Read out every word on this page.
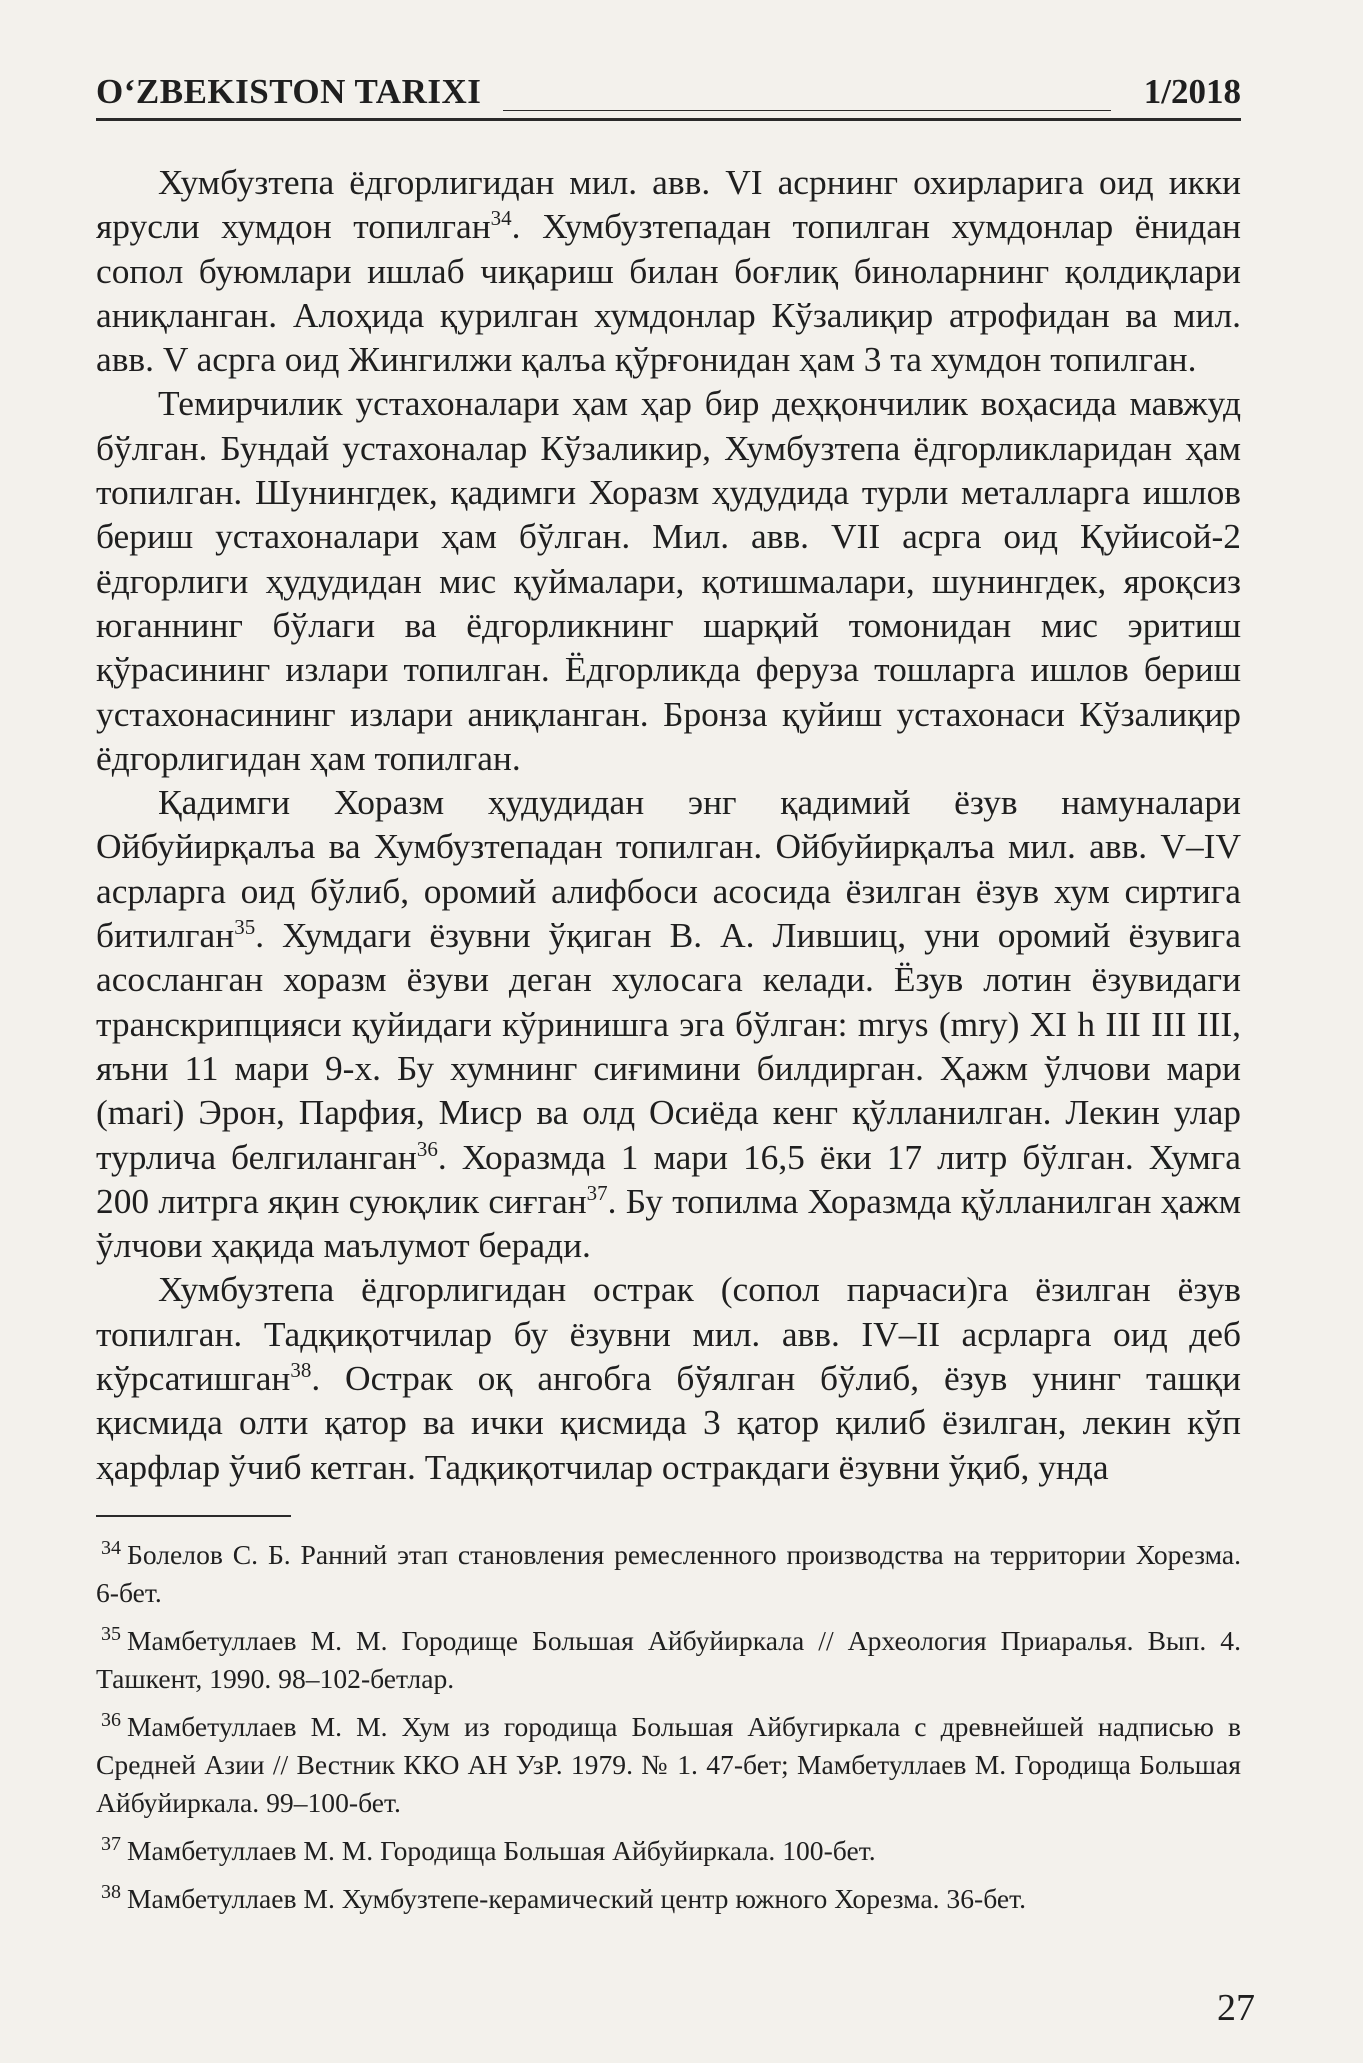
O‘ZBEKISTON TARIXI	1/2018

Хумбузтепа ёдгорлигидан мил. авв. VI асрнинг охирларига оид икки ярусли хумдон топилган$^{34}$. Хумбузтепадан топилган хумдонлар ёнидан сопол буюмлари ишлаб чиқариш билан боғлиқ биноларнинг қолдиқлари аниқланган. Алоҳида қурилган хумдонлар Кўзалиқир атрофидан ва мил. авв. V асрга оид Жингилжи қалъа қўрғонидан ҳам 3 та хумдон топилган.

Темирчилик устахоналари ҳам ҳар бир деҳқончилик воҳасида мавжуд бўлган. Бундай устахоналар Кўзаликир, Хумбузтепа ёдгорликларидан ҳам топилган. Шунингдек, қадимги Хоразм ҳудудида турли металларга ишлов бериш устахоналари ҳам бўлган. Мил. авв. VII асрга оид Қуйисой-2 ёдгорлиги ҳудудидан мис қуймалари, қотишмалари, шунингдек, яроқсиз юганнинг бўлаги ва ёдгорликнинг шарқий томонидан мис эритиш қўрасининг излари топилган. Ёдгорликда феруза тошларга ишлов бериш устахонасининг излари аниқланган. Бронза қуйиш устахонаси Кўзалиқир ёдгорлигидан ҳам топилган.

Қадимги Хоразм ҳудудидан энг қадимий ёзув намуналари Ойбуйирқалъа ва Хумбузтепадан топилган. Ойбуйирқалъа мил. авв. V–IV асрларга оид бўлиб, оромий алифбоси асосида ёзилган ёзув хум сиртига битилган$^{35}$. Хумдаги ёзувни ўқиган В. А. Лившиц, уни оромий ёзувига асосланган хоразм ёзуви деган хулосага келади. Ёзув лотин ёзувидаги транскрипцияси қуйидаги кўринишга эга бўлган: mrys (mry) XI h III III III, яъни 11 мари 9-х. Бу хумнинг сиғимини билдирган. Ҳажм ўлчови мари (mari) Эрон, Парфия, Миср ва олд Осиёда кенг қўлланилган. Лекин улар турлича белгиланган$^{36}$. Хоразмда 1 мари 16,5 ёки 17 литр бўлган. Хумга 200 литрга яқин суюқлик сиғган$^{37}$. Бу топилма Хоразмда қўлланилган ҳажм ўлчови ҳақида маълумот беради.

Хумбузтепа ёдгорлигидан острак (сопол парчаси)га ёзилган ёзув топилган. Тадқиқотчилар бу ёзувни мил. авв. IV–II асрларга оид деб кўрсатишган$^{38}$. Острак оқ ангобга бўялган бўлиб, ёзув унинг ташқи қисмида олти қатор ва ички қисмида 3 қатор қилиб ёзилган, лекин кўп ҳарфлар ўчиб кетган. Тадқиқотчилар остракдаги ёзувни ўқиб, унда

$^{34}$ Болелов С. Б. Ранний этап становления ремесленного производства на территории Хорезма. 6-бет.

$^{35}$ Мамбетуллаев М. М. Городище Большая Айбуйиркала // Археология Приаралья. Вып. 4. Ташкент, 1990. 98–102-бетлар.

$^{36}$ Мамбетуллаев М. М. Хум из городища Большая Айбугиркала с древнейшей надписью в Средней Азии // Вестник ККО АН УзР. 1979. № 1. 47-бет; Мамбетуллаев М. Городища Большая Айбуйиркала. 99–100-бет.

$^{37}$ Мамбетуллаев М. М. Городища Большая Айбуйиркала. 100-бет.

$^{38}$ Мамбетуллаев М. Хумбузтепе-керамический центр южного Хорезма. 36-бет.

27
